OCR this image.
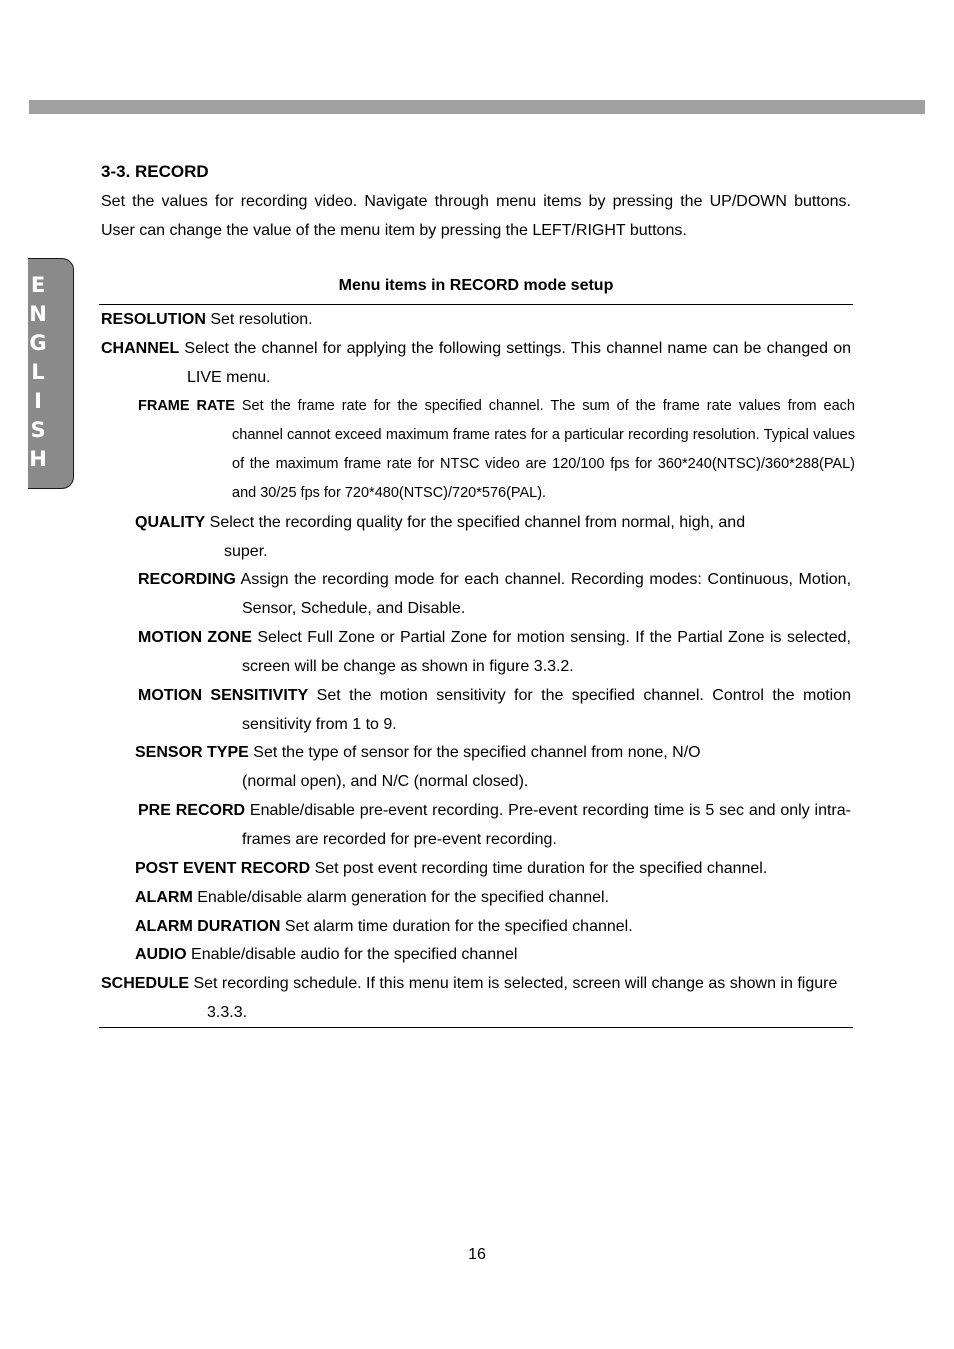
ENGLISH
3-3. RECORD

Set the values for recording video. Navigate through menu items by pressing the UP/DOWN buttons. User can change the value of the menu item by pressing the LEFT/RIGHT buttons.

Menu items in RECORD mode setup

RESOLUTION Set resolution.

CHANNEL Select the channel for applying the following settings. This channel name can be changed on LIVE menu.

FRAME RATE Set the frame rate for the specified channel. The sum of the frame rate values from each channel cannot exceed maximum frame rates for a particular recording resolution. Typical values of the maximum frame rate for NTSC video are 120/100 fps for 360*240(NTSC)/360*288(PAL) and 30/25 fps for 720*480(NTSC)/720*576(PAL).

QUALITY Select the recording quality for the specified channel from normal, high, and super.

RECORDING Assign the recording mode for each channel. Recording modes: Continuous, Motion, Sensor, Schedule, and Disable.

MOTION ZONE Select Full Zone or Partial Zone for motion sensing. If the Partial Zone is selected, screen will be change as shown in figure 3.3.2.

MOTION SENSITIVITY Set the motion sensitivity for the specified channel. Control the motion sensitivity from 1 to 9.

SENSOR TYPE Set the type of sensor for the specified channel from none, N/O (normal open), and N/C (normal closed).

PRE RECORD Enable/disable pre-event recording. Pre-event recording time is 5 sec and only intra-frames are recorded for pre-event recording.

POST EVENT RECORD Set post event recording time duration for the specified channel.

ALARM Enable/disable alarm generation for the specified channel.

ALARM DURATION Set alarm time duration for the specified channel.

AUDIO Enable/disable audio for the specified channel

SCHEDULE Set recording schedule. If this menu item is selected, screen will change as shown in figure 3.3.3.

16
